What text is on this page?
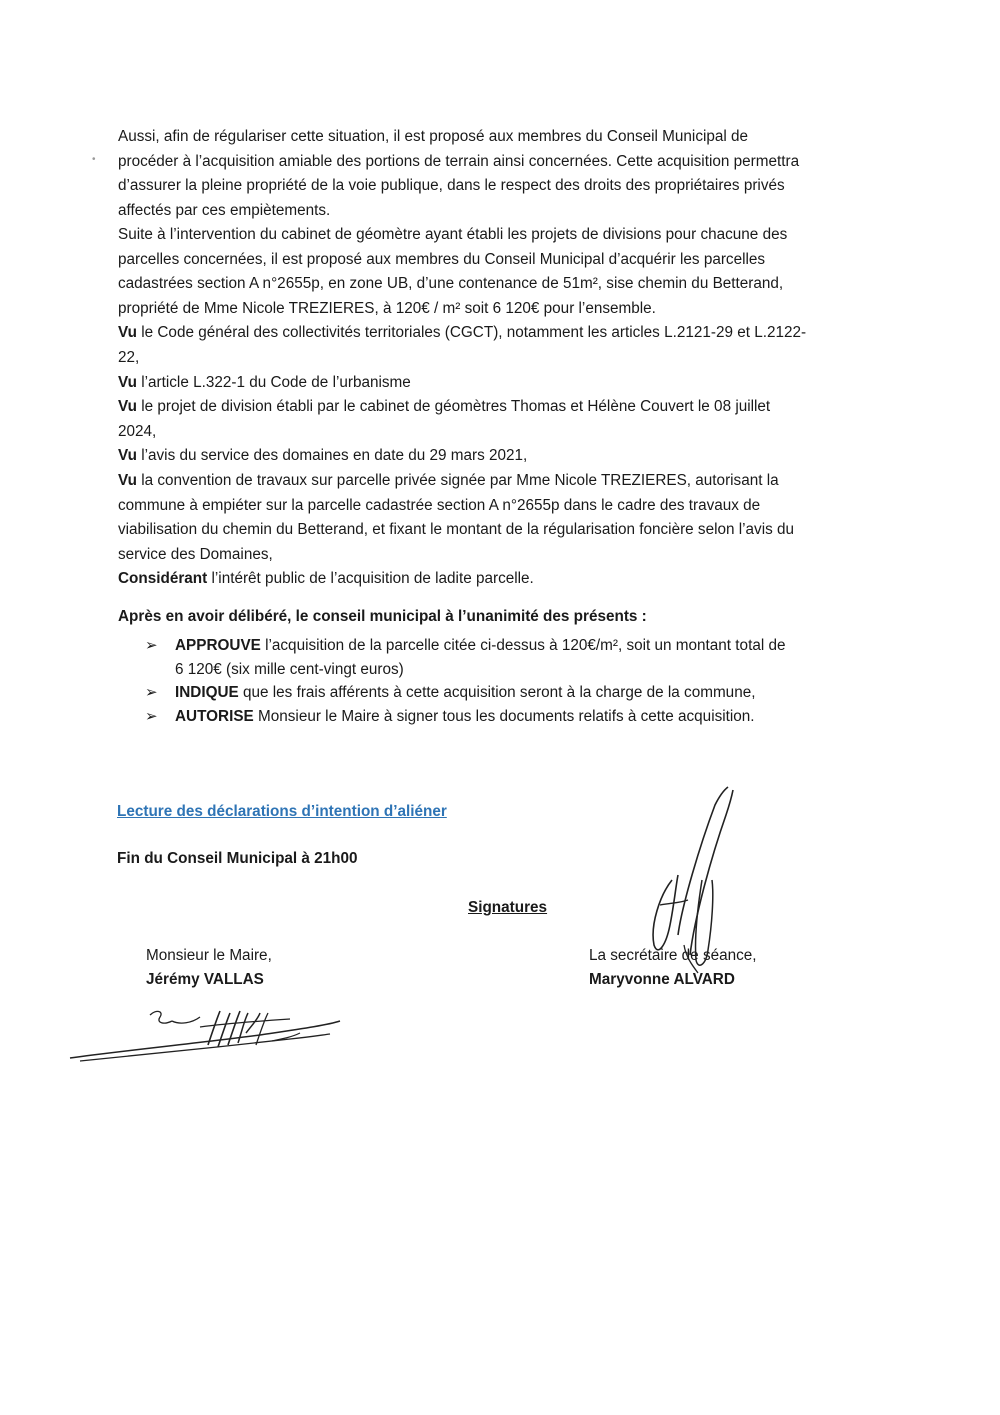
•
Aussi, afin de régulariser cette situation, il est proposé aux membres du Conseil Municipal de
procéder à l’acquisition amiable des portions de terrain ainsi concernées. Cette acquisition permettra
d’assurer la pleine propriété de la voie publique, dans le respect des droits des propriétaires privés
affectés par ces empiètements.
Suite à l’intervention du cabinet de géomètre ayant établi les projets de divisions pour chacune des
parcelles concernées, il est proposé aux membres du Conseil Municipal d’acquérir les parcelles
cadastrées section A n°2655p, en zone UB, d’une contenance de 51m², sise chemin du Betterand,
propriété de Mme Nicole TREZIERES, à 120€ / m² soit 6 120€ pour l’ensemble.
Vu le Code général des collectivités territoriales (CGCT), notamment les articles L.2121-29 et L.2122-
22,
Vu l’article L.322-1 du Code de l’urbanisme
Vu le projet de division établi par le cabinet de géomètres Thomas et Hélène Couvert le 08 juillet
2024,
Vu l’avis du service des domaines en date du 29 mars 2021,
Vu la convention de travaux sur parcelle privée signée par Mme Nicole TREZIERES, autorisant la
commune à empiéter sur la parcelle cadastrée section A n°2655p dans le cadre des travaux de
viabilisation du chemin du Betterand, et fixant le montant de la régularisation foncière selon l’avis du
service des Domaines,
Considérant l’intérêt public de l’acquisition de ladite parcelle.
Après en avoir délibéré, le conseil municipal à l’unanimité des présents :
➢ APPROUVE l’acquisition de la parcelle citée ci-dessus à 120€/m², soit un montant total de
6 120€ (six mille cent-vingt euros)
➢ INDIQUE que les frais afférents à cette acquisition seront à la charge de la commune,
➢ AUTORISE Monsieur le Maire à signer tous les documents relatifs à cette acquisition.
Lecture des déclarations d’intention d’aliéner
Fin du Conseil Municipal à 21h00
Signatures
Monsieur le Maire,
Jérémy VALLAS
La secrétaire de séance,
Maryvonne ALVARD
